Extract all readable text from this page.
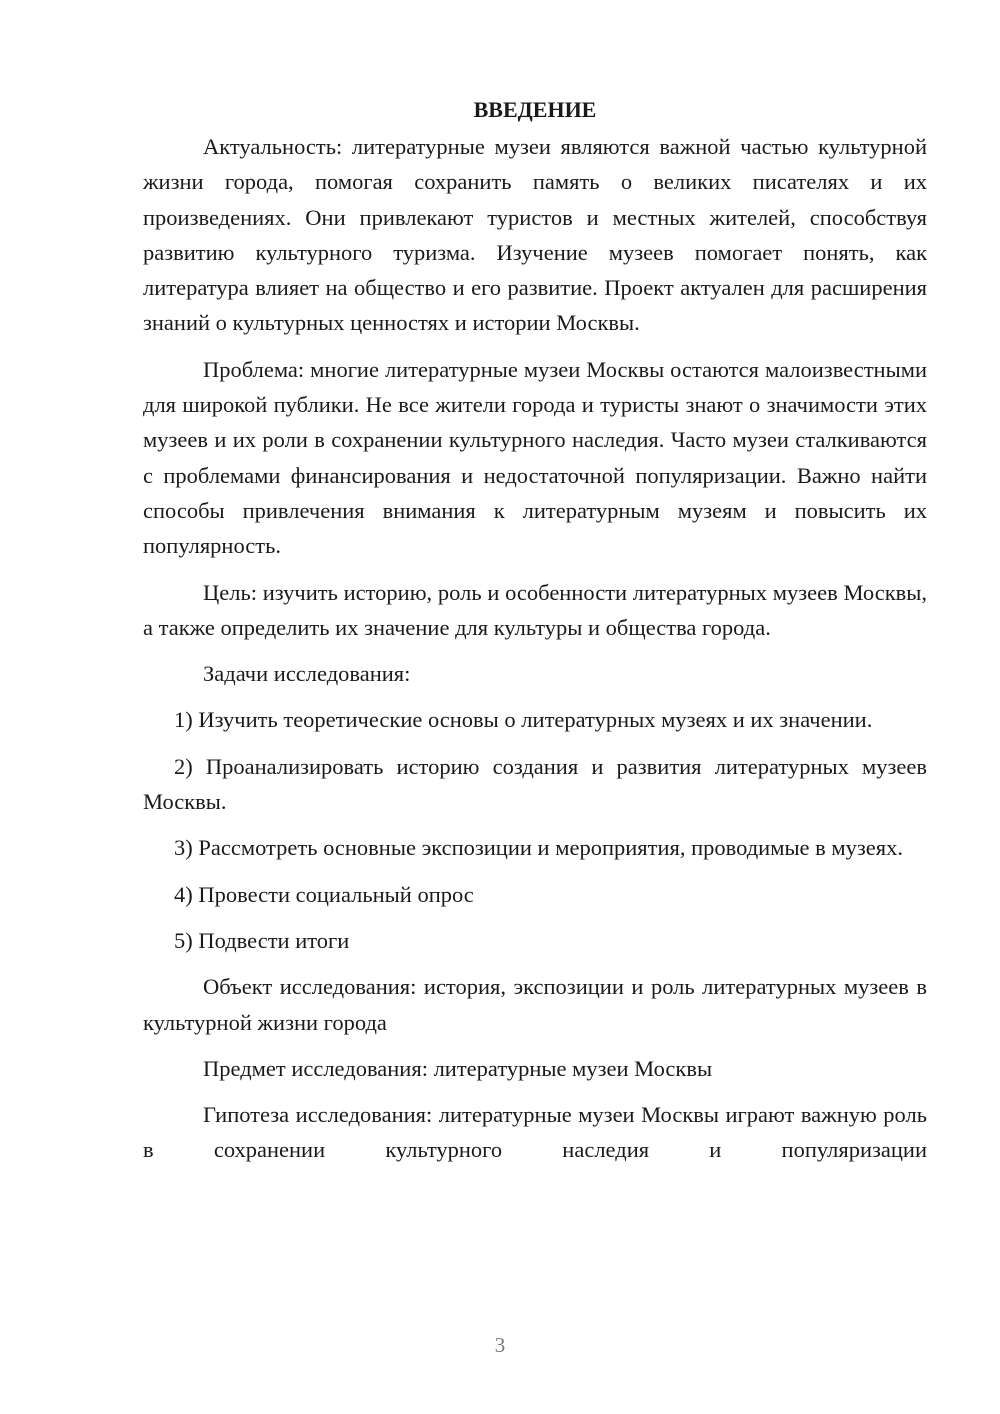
ВВЕДЕНИЕ

Актуальность: литературные музеи являются важной частью культурной жизни города, помогая сохранить память о великих писателях и их произведениях. Они привлекают туристов и местных жителей, способствуя развитию культурного туризма. Изучение музеев помогает понять, как литература влияет на общество и его развитие. Проект актуален для расширения знаний о культурных ценностях и истории Москвы.

Проблема: многие литературные музеи Москвы остаются малоизвестными для широкой публики. Не все жители города и туристы знают о значимости этих музеев и их роли в сохранении культурного наследия. Часто музеи сталкиваются с проблемами финансирования и недостаточной популяризации. Важно найти способы привлечения внимания к литературным музеям и повысить их популярность.

Цель: изучить историю, роль и особенности литературных музеев Москвы, а также определить их значение для культуры и общества города.

Задачи исследования:

1) Изучить теоретические основы о литературных музеях и их значении.

2) Проанализировать историю создания и развития литературных музеев Москвы.

3) Рассмотреть основные экспозиции и мероприятия, проводимые в музеях.

4) Провести социальный опрос

5) Подвести итоги

Объект исследования: история, экспозиции и роль литературных музеев в культурной жизни города

Предмет исследования: литературные музеи Москвы

Гипотеза исследования: литературные музеи Москвы играют важную роль в сохранении культурного наследия и популяризации

3
